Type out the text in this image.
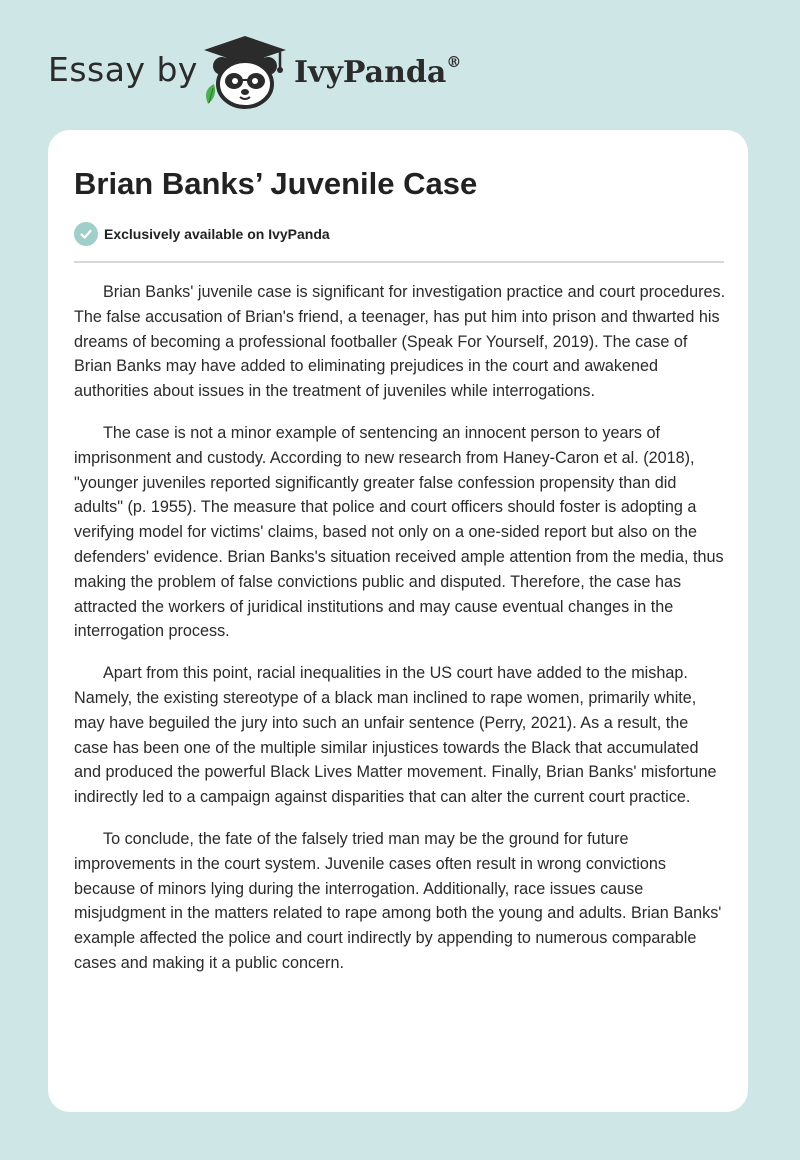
Essay by	IvyPanda®
Brian Banks’ Juvenile Case
Exclusively available on IvyPanda

Brian Banks' juvenile case is significant for investigation practice and court procedures. The false accusation of Brian's friend, a teenager, has put him into prison and thwarted his dreams of becoming a professional footballer (Speak For Yourself, 2019). The case of Brian Banks may have added to eliminating prejudices in the court and awakened authorities about issues in the treatment of juveniles while interrogations.

The case is not a minor example of sentencing an innocent person to years of imprisonment and custody. According to new research from Haney-Caron et al. (2018), "younger juveniles reported significantly greater false confession propensity than did adults" (p. 1955). The measure that police and court officers should foster is adopting a verifying model for victims' claims, based not only on a one-sided report but also on the defenders' evidence. Brian Banks's situation received ample attention from the media, thus making the problem of false convictions public and disputed. Therefore, the case has attracted the workers of juridical institutions and may cause eventual changes in the interrogation process.

Apart from this point, racial inequalities in the US court have added to the mishap. Namely, the existing stereotype of a black man inclined to rape women, primarily white, may have beguiled the jury into such an unfair sentence (Perry, 2021). As a result, the case has been one of the multiple similar injustices towards the Black that accumulated and produced the powerful Black Lives Matter movement. Finally, Brian Banks' misfortune indirectly led to a campaign against disparities that can alter the current court practice.

To conclude, the fate of the falsely tried man may be the ground for future improvements in the court system. Juvenile cases often result in wrong convictions because of minors lying during the interrogation. Additionally, race issues cause misjudgment in the matters related to rape among both the young and adults. Brian Banks' example affected the police and court indirectly by appending to numerous comparable cases and making it a public concern.
